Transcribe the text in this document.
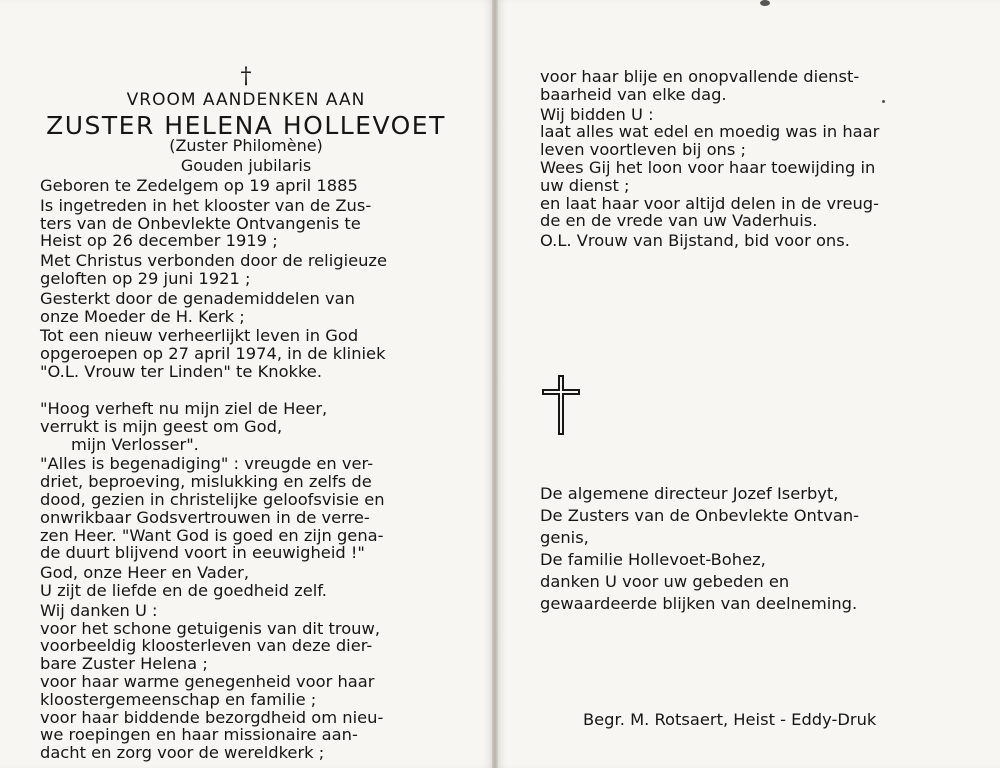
†
VROOM AANDENKEN AAN
ZUSTER HELENA HOLLEVOET
(Zuster Philomène)
Gouden jubilaris

Geboren te Zedelgem op 19 april 1885

Is ingetreden in het klooster van de Zus-

ters van de Onbevlekte Ontvangenis te

Heist op 26 december 1919 ;

Met Christus verbonden door de religieuze

geloften op 29 juni 1921 ;

Gesterkt door de genademiddelen van

onze Moeder de H. Kerk ;

Tot een nieuw verheerlijkt leven in God

opgeroepen op 27 april 1974, in de kliniek

"O.L. Vrouw ter Linden" te Knokke.

"Hoog verheft nu mijn ziel de Heer,

verrukt is mijn geest om God,

mijn Verlosser".

"Alles is begenadiging" : vreugde en ver-

driet, beproeving, mislukking en zelfs de

dood, gezien in christelijke geloofsvisie en

onwrikbaar Godsvertrouwen in de verre-

zen Heer. "Want God is goed en zijn gena-

de duurt blijvend voort in eeuwigheid !"

God, onze Heer en Vader,

U zijt de liefde en de goedheid zelf.

Wij danken U :

voor het schone getuigenis van dit trouw,

voorbeeldig kloosterleven van deze dier-

bare Zuster Helena ;

voor haar warme genegenheid voor haar

kloostergemeenschap en familie ;

voor haar biddende bezorgdheid om nieu-

we roepingen en haar missionaire aan-

dacht en zorg voor de wereldkerk ;

voor haar blije en onopvallende dienst-

baarheid van elke dag.

Wij bidden U :

laat alles wat edel en moedig was in haar

leven voortleven bij ons ;

Wees Gij het loon voor haar toewijding in

uw dienst ;

en laat haar voor altijd delen in de vreug-

de en de vrede van uw Vaderhuis.

O.L. Vrouw van Bijstand, bid voor ons.

De algemene directeur Jozef Iserbyt,

De Zusters van de Onbevlekte Ontvan-

genis,

De familie Hollevoet-Bohez,

danken U voor uw gebeden en

gewaardeerde blijken van deelneming.

Begr. M. Rotsaert, Heist - Eddy-Druk
